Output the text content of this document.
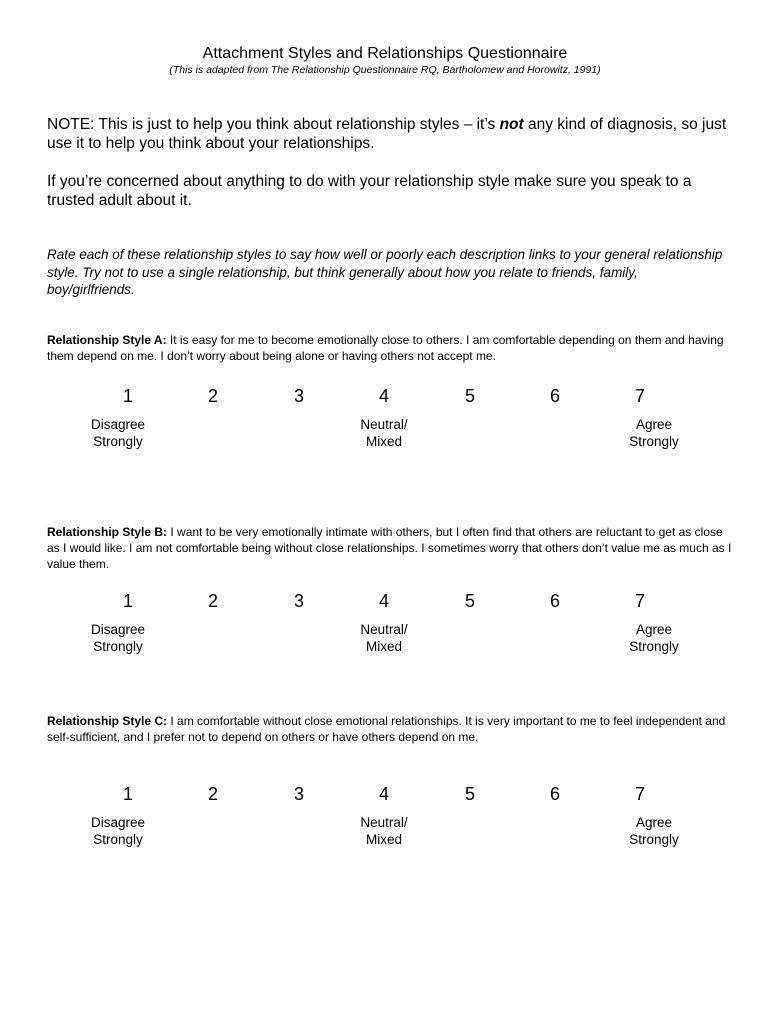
Attachment Styles and Relationships Questionnaire
(This is adapted from The Relationship Questionnaire RQ, Bartholomew and Horowitz, 1991)
NOTE: This is just to help you think about relationship styles – it’s not any kind of diagnosis, so just use it to help you think about your relationships.
If you’re concerned about anything to do with your relationship style make sure you speak to a trusted adult about it.
Rate each of these relationship styles to say how well or poorly each description links to your general relationship style. Try not to use a single relationship, but think generally about how you relate to friends, family, boy/girlfriends.
Relationship Style A: It is easy for me to become emotionally close to others. I am comfortable depending on them and having them depend on me. I don’t worry about being alone or having others not accept me.
1	2	3	4	5	6	7
Disagree
Strongly
Neutral/
Mixed
Agree
Strongly
Relationship Style B: I want to be very emotionally intimate with others, but I often find that others are reluctant to get as close as I would like. I am not comfortable being without close relationships. I sometimes worry that others don’t value me as much as I value them.
1	2	3	4	5	6	7
Disagree
Strongly
Neutral/
Mixed
Agree
Strongly
Relationship Style C: I am comfortable without close emotional relationships. It is very important to me to feel independent and self-sufficient, and I prefer not to depend on others or have others depend on me.
1	2	3	4	5	6	7
Disagree
Strongly
Neutral/
Mixed
Agree
Strongly
